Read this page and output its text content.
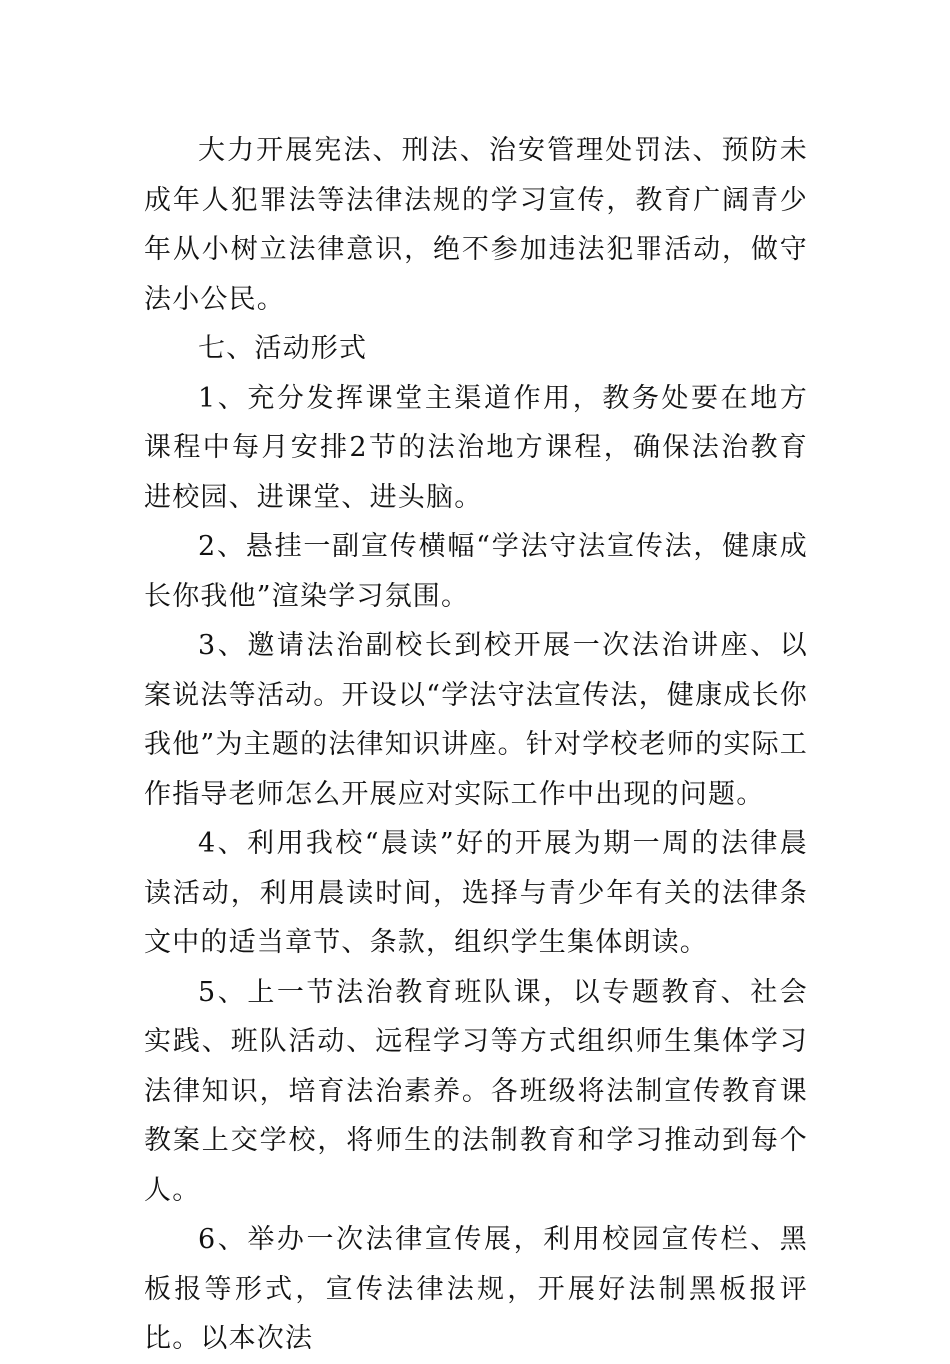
大力开展宪法、刑法、治安管理处罚法、预防未成年人犯罪法等法律法规的学习宣传，教育广阔青少年从小树立法律意识，绝不参加违法犯罪活动，做守法小公民。

七、活动形式

1、充分发挥课堂主渠道作用，教务处要在地方课程中每月安排2节的法治地方课程，确保法治教育进校园、进课堂、进头脑。

2、悬挂一副宣传横幅“学法守法宣传法，健康成长你我他”渲染学习氛围。

3、邀请法治副校长到校开展一次法治讲座、以案说法等活动。开设以“学法守法宣传法，健康成长你我他”为主题的法律知识讲座。针对学校老师的实际工作指导老师怎么开展应对实际工作中出现的问题。

4、利用我校“晨读”好的开展为期一周的法律晨读活动，利用晨读时间，选择与青少年有关的法律条文中的适当章节、条款，组织学生集体朗读。

5、上一节法治教育班队课，以专题教育、社会实践、班队活动、远程学习等方式组织师生集体学习法律知识，培育法治素养。各班级将法制宣传教育课教案上交学校，将师生的法制教育和学习推动到每个人。

6、举办一次法律宣传展，利用校园宣传栏、黑板报等形式，宣传法律法规，开展好法制黑板报评比。以本次法
